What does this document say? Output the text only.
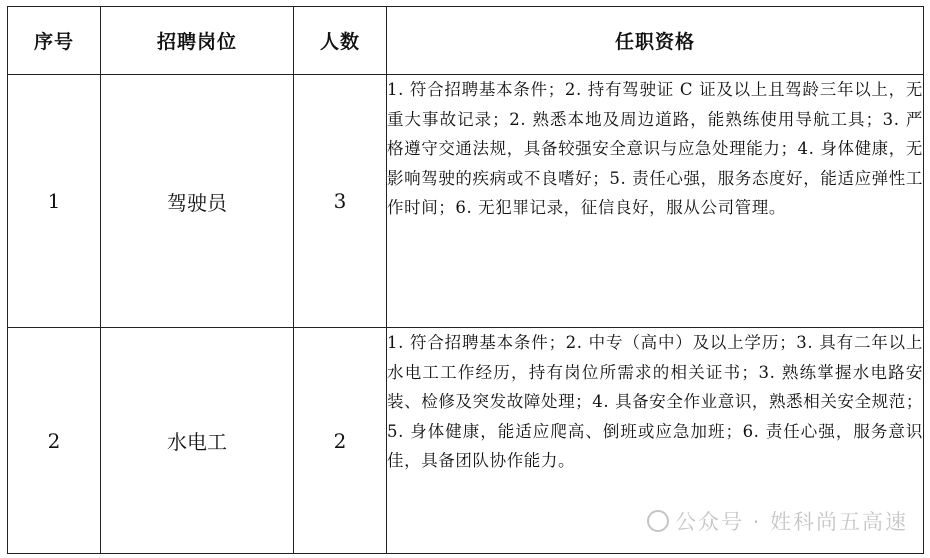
序号	招聘岗位	人数	任职资格
1	驾驶员	3	1. 符合招聘基本条件；2. 持有驾驶证 C 证及以上且驾龄三年以上，无重大事故记录；2. 熟悉本地及周边道路，能熟练使用导航工具；3. 严格遵守交通法规，具备较强安全意识与应急处理能力；4. 身体健康，无影响驾驶的疾病或不良嗜好；5. 责任心强，服务态度好，能适应弹性工作时间；6. 无犯罪记录，征信良好，服从公司管理。
2	水电工	2	1. 符合招聘基本条件；2. 中专（高中）及以上学历；3. 具有二年以上水电工工作经历，持有岗位所需求的相关证书；3. 熟练掌握水电路安装、检修及突发故障处理；4. 具备安全作业意识，熟悉相关安全规范；5. 身体健康，能适应爬高、倒班或应急加班；6. 责任心强，服务意识佳，具备团队协作能力。
公众号 · 姓科尚五高速
